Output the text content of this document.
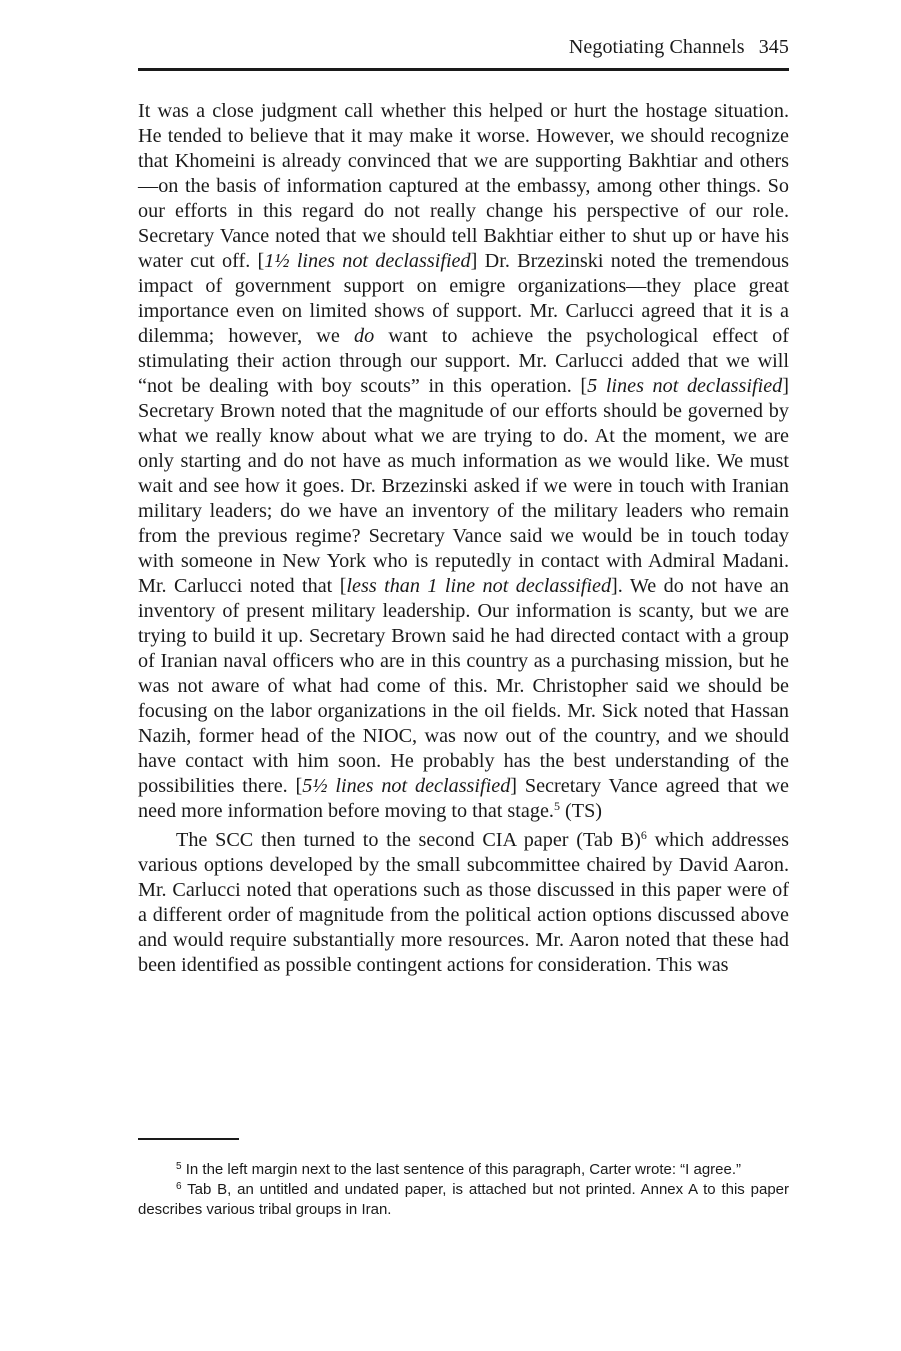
Negotiating Channels 345

It was a close judgment call whether this helped or hurt the hostage situation. He tended to believe that it may make it worse. However, we should recognize that Khomeini is already convinced that we are supporting Bakhtiar and others—on the basis of information captured at the embassy, among other things. So our efforts in this regard do not really change his perspective of our role. Secretary Vance noted that we should tell Bakhtiar either to shut up or have his water cut off. [1½ lines not declassified] Dr. Brzezinski noted the tremendous impact of government support on emigre organizations—they place great importance even on limited shows of support. Mr. Carlucci agreed that it is a dilemma; however, we do want to achieve the psychological effect of stimulating their action through our support. Mr. Carlucci added that we will “not be dealing with boy scouts” in this operation. [5 lines not declassified] Secretary Brown noted that the magnitude of our efforts should be governed by what we really know about what we are trying to do. At the moment, we are only starting and do not have as much information as we would like. We must wait and see how it goes. Dr. Brzezinski asked if we were in touch with Iranian military leaders; do we have an inventory of the military leaders who remain from the previous regime? Secretary Vance said we would be in touch today with someone in New York who is reputedly in contact with Admiral Madani. Mr. Carlucci noted that [less than 1 line not declassified]. We do not have an inventory of present military leadership. Our information is scanty, but we are trying to build it up. Secretary Brown said he had directed contact with a group of Iranian naval officers who are in this country as a purchasing mission, but he was not aware of what had come of this. Mr. Christopher said we should be focusing on the labor organizations in the oil fields. Mr. Sick noted that Hassan Nazih, former head of the NIOC, was now out of the country, and we should have contact with him soon. He probably has the best understanding of the possibilities there. [5½ lines not declassified] Secretary Vance agreed that we need more information before moving to that stage.$^5$ (TS)

The SCC then turned to the second CIA paper (Tab B)$^6$ which addresses various options developed by the small subcommittee chaired by David Aaron. Mr. Carlucci noted that operations such as those discussed in this paper were of a different order of magnitude from the political action options discussed above and would require substantially more resources. Mr. Aaron noted that these had been identified as possible contingent actions for consideration. This was

$^5$ In the left margin next to the last sentence of this paragraph, Carter wrote: “I agree.”

$^6$ Tab B, an untitled and undated paper, is attached but not printed. Annex A to this paper describes various tribal groups in Iran.
